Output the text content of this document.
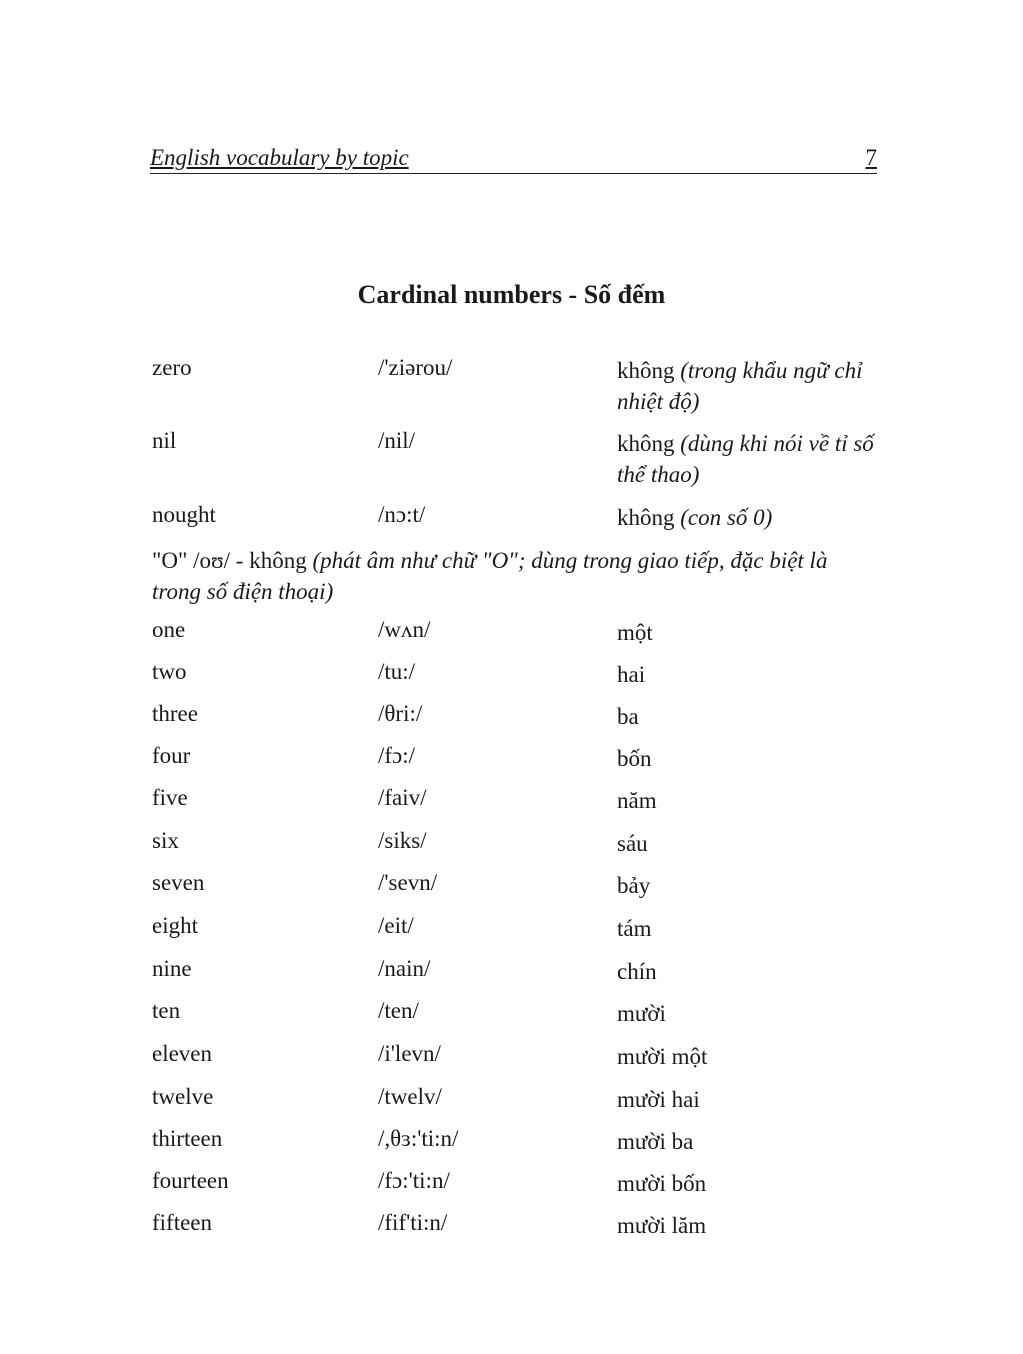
English vocabulary by topic	7
Cardinal numbers - Số đếm
zero	/'ziərou/	không (trong khẩu ngữ chỉ nhiệt độ)
nil	/nil/	không (dùng khi nói về tỉ số thể thao)
nought	/nɔ:t/	không (con số 0)
"O" /oʊ/ - không (phát âm như chữ "O"; dùng trong giao tiếp, đặc biệt là trong số điện thoại)
one	/wʌn/	một
two	/tu:/	hai
three	/θri:/	ba
four	/fɔ:/	bốn
five	/faiv/	năm
six	/siks/	sáu
seven	/'sevn/	bảy
eight	/eit/	tám
nine	/nain/	chín
ten	/ten/	mười
eleven	/i'levn/	mười một
twelve	/twelv/	mười hai
thirteen	/,θɜ:'ti:n/	mười ba
fourteen	/fɔ:'ti:n/	mười bốn
fifteen	/fif'ti:n/	mười lăm
